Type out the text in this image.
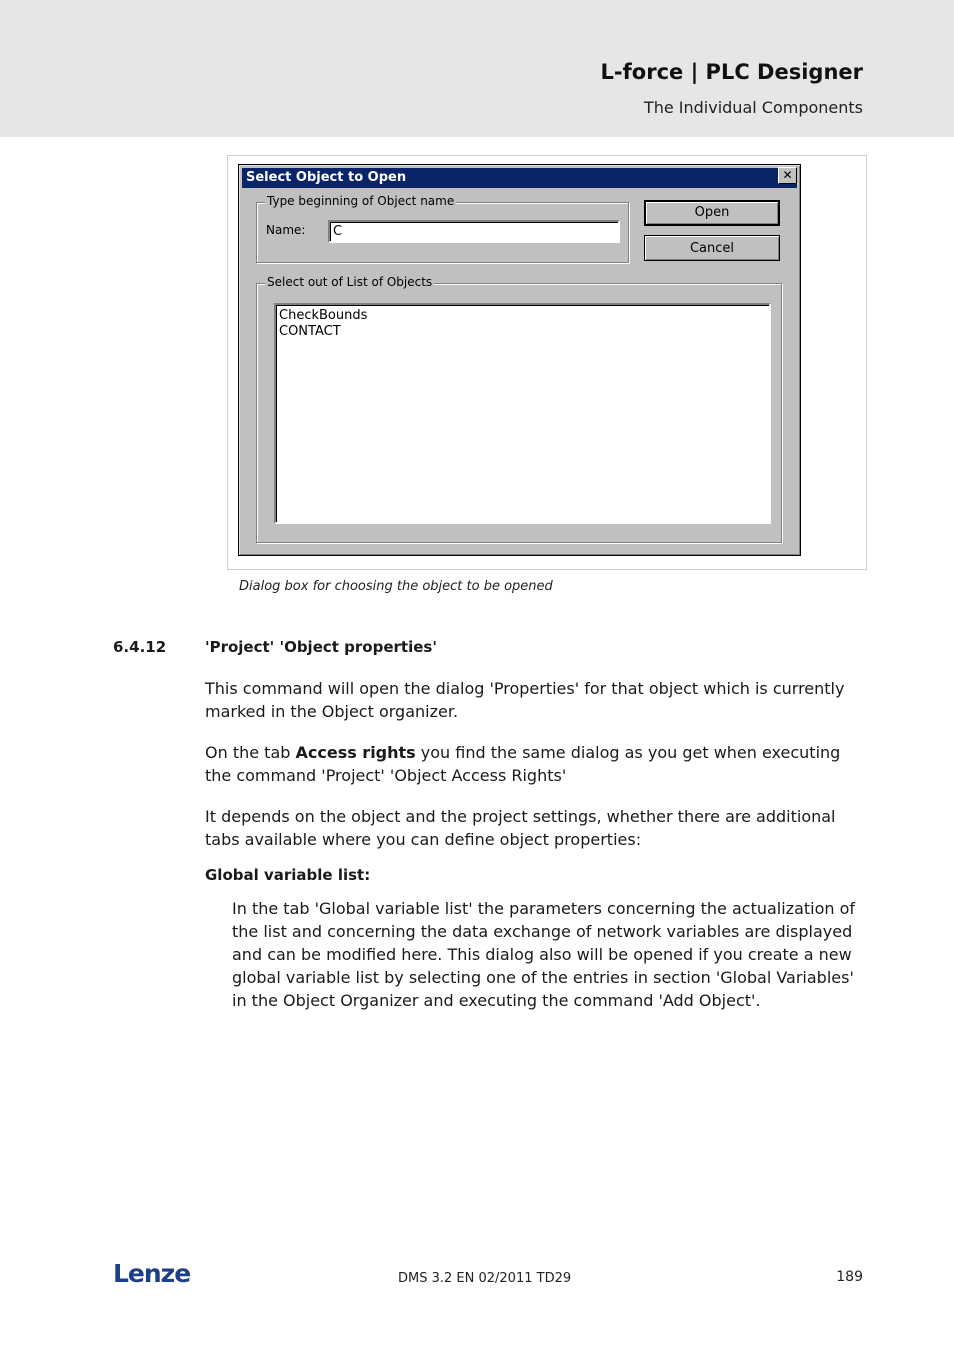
L-force | PLC Designer
The Individual Components
Select Object to Open	✕
Type beginning of Object name
Name:	C
Open
Cancel
Select out of List of Objects
CheckBounds
CONTACT
Dialog box for choosing the object to be opened
6.4.12	'Project' 'Object properties'
This command will open the dialog 'Properties' for that object which is currently marked in the Object organizer.
On the tab Access rights you find the same dialog as you get when executing the command 'Project' 'Object Access Rights'
It depends on the object and the project settings, whether there are additional tabs available where you can define object properties:
Global variable list:
In the tab 'Global variable list' the parameters concerning the actualization of the list and concerning the data exchange of network variables are displayed and can be modified here. This dialog also will be opened if you create a new global variable list by selecting one of the entries in section 'Global Variables' in the Object Organizer and executing the command 'Add Object'.
Lenze	DMS 3.2 EN 02/2011 TD29	189
